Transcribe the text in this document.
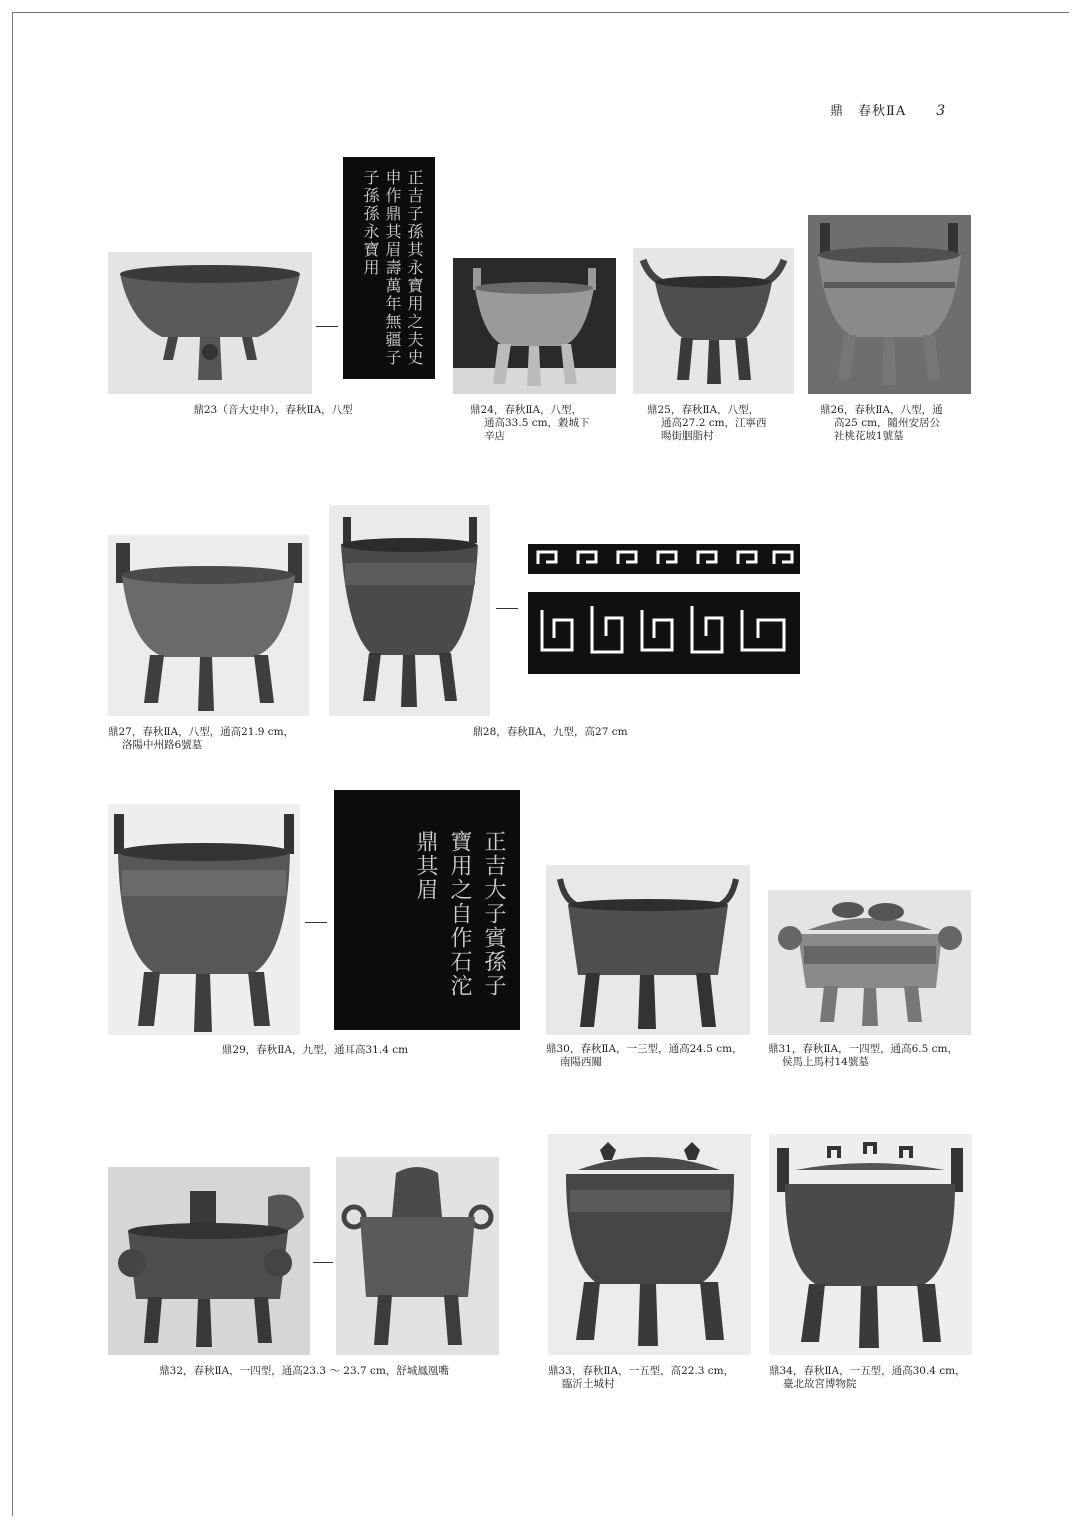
鼎　春秋ⅡA 3
正吉子孫其永寶用之夫史申作鼎其眉壽萬年無疆子子孫孫永寶用
鼎23（⾳大史申），春秋ⅡA，八型	鼎24，春秋ⅡA，八型，
通高33.5 cm，穀城下
辛店
鼎25，春秋ⅡA，八型，
通高27.2 cm，江寧西
暘街胭脂村
鼎26，春秋ⅡA，八型，通
高25 cm，隨州安居公
社桃花坡1號墓
鼎27，春秋ⅡA，八型，通高21.9 cm，
洛陽中州路6號墓
鼎28，春秋ⅡA，九型，高27 cm
正吉大子賓孫子寶用之自作石沱鼎其眉
鼎29，春秋ⅡA，九型，通耳高31.4 cm	鼎30，春秋ⅡA，一三型，通高24.5 cm，
南陽西關
鼎31，春秋ⅡA，一四型，通高6.5 cm，
侯馬上馬村14號墓
鼎32，春秋ⅡA，一四型，通高23.3 ～ 23.7 cm，舒城鳳凰嘴	鼎33，春秋ⅡA，一五型，高22.3 cm，
臨沂土城村
鼎34，春秋ⅡA，一五型，通高30.4 cm，
臺北故宮博物院
